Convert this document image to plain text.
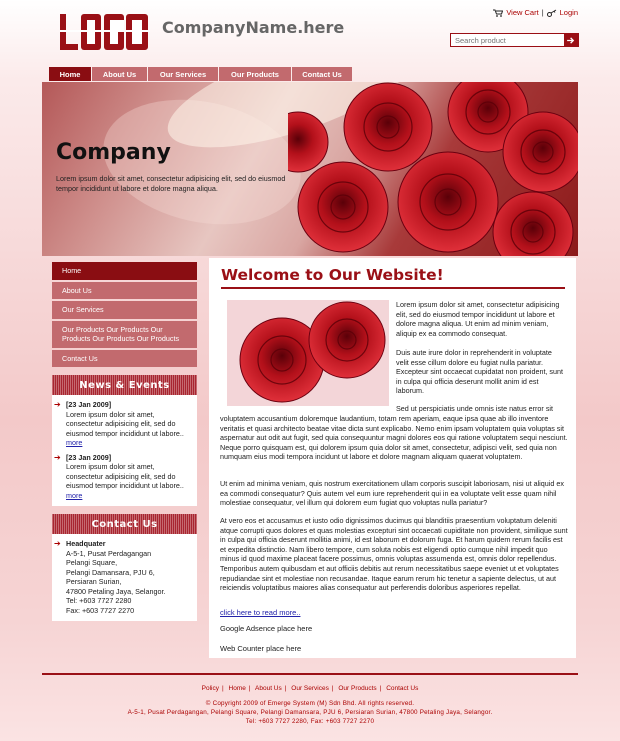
CompanyName.here
View Cart | Login
Search product
Home	About Us	Our Services	Our Products	Contact Us
Company
Lorem ipsum dolor sit amet, consectetur adipisicing elit, sed do eiusmod tempor incididunt ut labore et dolore magna aliqua.
Home
About Us
Our Services
Our Products Our Products Our Products Our Products Our Products
Contact Us
News & Events
➔ [23 Jan 2009]
Lorem ipsum dolor sit amet, consectetur adipisicing elit, sed do eiusmod tempor incididunt ut labore..
more
➔ [23 Jan 2009]
Lorem ipsum dolor sit amet, consectetur adipisicing elit, sed do eiusmod tempor incididunt ut labore..
more
Contact Us
➔ Headquater
A-5-1, Pusat Perdagangan
Pelangi Square,
Pelangi Damansara, PJU 6,
Persiaran Surian,
47800 Petaling Jaya, Selangor.
Tel: +603 7727 2280
Fax: +603 7727 2270
Welcome to Our Website!
Lorem ipsum dolor sit amet, consectetur adipisicing elit, sed do eiusmod tempor incididunt ut labore et dolore magna aliqua. Ut enim ad minim veniam, aliquip ex ea commodo consequat.
Duis aute irure dolor in reprehenderit in voluptate velit esse cillum dolore eu fugiat nulla pariatur. Excepteur sint occaecat cupidatat non proident, sunt in culpa qui officia deserunt mollit anim id est laborum.
Sed ut perspiciatis unde omnis iste natus error sit
voluptatem accusantium doloremque laudantium, totam rem aperiam, eaque ipsa quae ab illo inventore veritatis et quasi architecto beatae vitae dicta sunt explicabo. Nemo enim ipsam voluptatem quia voluptas sit aspernatur aut odit aut fugit, sed quia consequuntur magni dolores eos qui ratione voluptatem sequi nesciunt. Neque porro quisquam est, qui dolorem ipsum quia dolor sit amet, consectetur, adipisci velit, sed quia non numquam eius modi tempora incidunt ut labore et dolore magnam aliquam quaerat voluptatem.
Ut enim ad minima veniam, quis nostrum exercitationem ullam corporis suscipit laboriosam, nisi ut aliquid ex ea commodi consequatur? Quis autem vel eum iure reprehenderit qui in ea voluptate velit esse quam nihil molestiae consequatur, vel illum qui dolorem eum fugiat quo voluptas nulla pariatur?
At vero eos et accusamus et iusto odio dignissimos ducimus qui blanditiis praesentium voluptatum deleniti atque corrupti quos dolores et quas molestias excepturi sint occaecati cupiditate non provident, similique sunt in culpa qui officia deserunt mollitia animi, id est laborum et dolorum fuga. Et harum quidem rerum facilis est et expedita distinctio. Nam libero tempore, cum soluta nobis est eligendi optio cumque nihil impedit quo minus id quod maxime placeat facere possimus, omnis voluptas assumenda est, omnis dolor repellendus. Temporibus autem quibusdam et aut officiis debitis aut rerum necessitatibus saepe eveniet ut et voluptates repudiandae sint et molestiae non recusandae. Itaque earum rerum hic tenetur a sapiente delectus, ut aut reiciendis voluptatibus maiores alias consequatur aut perferendis doloribus asperiores repellat.
click here to read more..
Google Adsence place here
Web Counter place here
Policy | Home | About Us | Our Services | Our Products | Contact Us
© Copyright 2009 of Emerge System (M) Sdn Bhd. All rights reserved.
A-5-1, Pusat Perdagangan, Pelangi Square, Pelangi Damansara, PJU 6, Persiaran Surian, 47800 Petaling Jaya, Selangor.
Tel: +603 7727 2280, Fax: +603 7727 2270
